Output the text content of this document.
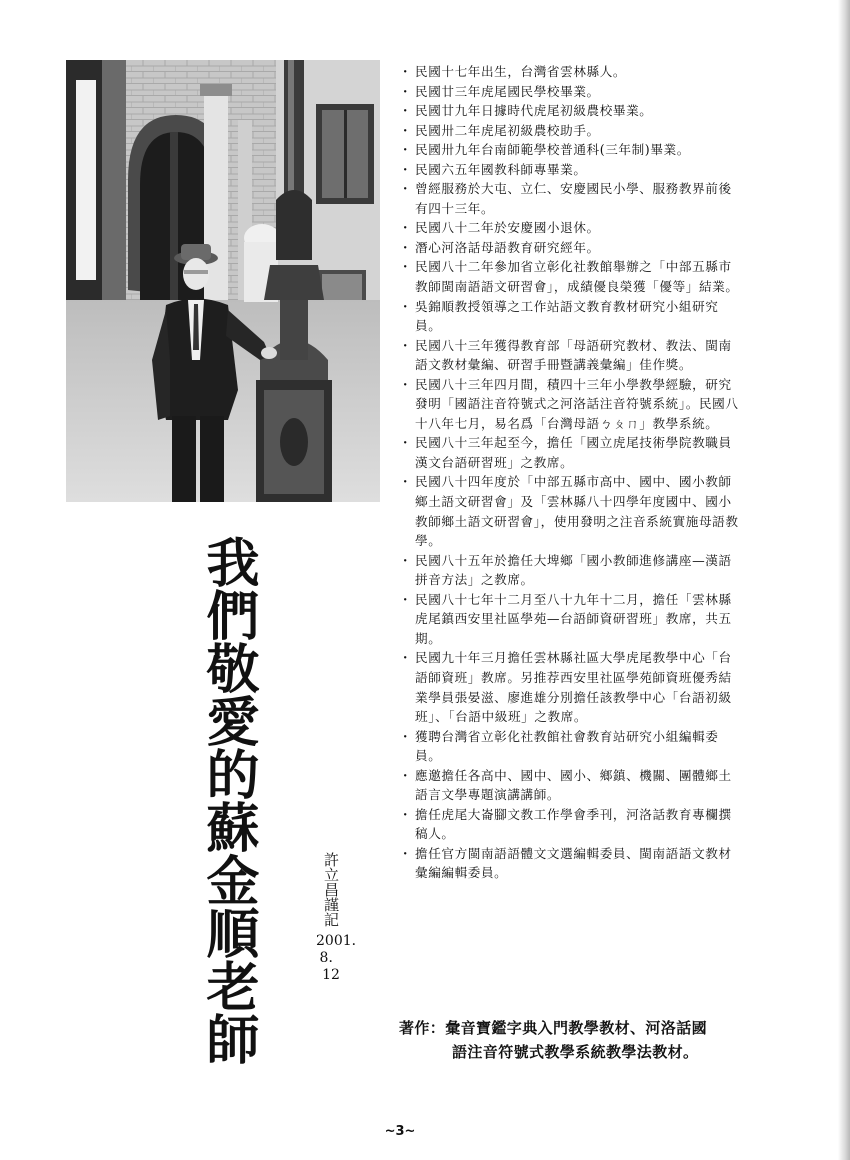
我們敬愛的蘇金順老師	許立昌謹記
2001．8．12
· 民國十七年出生，台灣省雲林縣人。
· 民國廿三年虎尾國民學校畢業。
· 民國廿九年日據時代虎尾初級農校畢業。
· 民國卅二年虎尾初級農校助手。
· 民國卅九年台南師範學校普通科(三年制)畢業。
· 民國六五年國教科師專畢業。
· 曾經服務於大屯、立仁、安慶國民小學、服務教界前後有四十三年。
· 民國八十二年於安慶國小退休。
· 潛心河洛話母語教育研究經年。
· 民國八十二年參加省立彰化社教館舉辦之「中部五縣市教師閩南語語文研習會」，成績優良榮獲「優等」結業。
· 吳錦順教授領導之工作站語文教育教材研究小組研究員。
· 民國八十三年獲得教育部「母語研究教材、教法、閩南語文教材彙編、研習手冊暨講義彙編」佳作獎。
· 民國八十三年四月間，積四十三年小學教學經驗，研究發明「國語注音符號式之河洛話注音符號系統」。民國八十八年七月，易名爲「台灣母語ㄅㄆㄇ」教學系統。
· 民國八十三年起至今，擔任「國立虎尾技術學院教職員漢文台語研習班」之教席。
· 民國八十四年度於「中部五縣市高中、國中、國小教師鄉土語文研習會」及「雲林縣八十四學年度國中、國小教師鄉土語文研習會」，使用發明之注音系統實施母語教學。
· 民國八十五年於擔任大埤鄉「國小教師進修講座—漢語拼音方法」之教席。
· 民國八十七年十二月至八十九年十二月，擔任「雲林縣虎尾鎮西安里社區學苑—台語師資研習班」教席，共五期。
· 民國九十年三月擔任雲林縣社區大學虎尾教學中心「台語師資班」教席。另推荐西安里社區學苑師資班優秀結業學員張晏滋、廖進雄分別擔任該教學中心「台語初級班」、「台語中級班」之教席。
· 獲聘台灣省立彰化社教館社會教育站研究小組編輯委員。
· 應邀擔任各高中、國中、國小、鄉鎮、機關、團體鄉土語言文學專題演講講師。
· 擔任虎尾大崙腳文教工作學會季刊，河洛話教育專欄撰稿人。
· 擔任官方閩南語語體文文選編輯委員、閩南語語文教材彙編編輯委員。
著作：彙音寶鑑字典入門教學教材、河洛話國
語注音符號式教學系統教學法教材。
~3~
